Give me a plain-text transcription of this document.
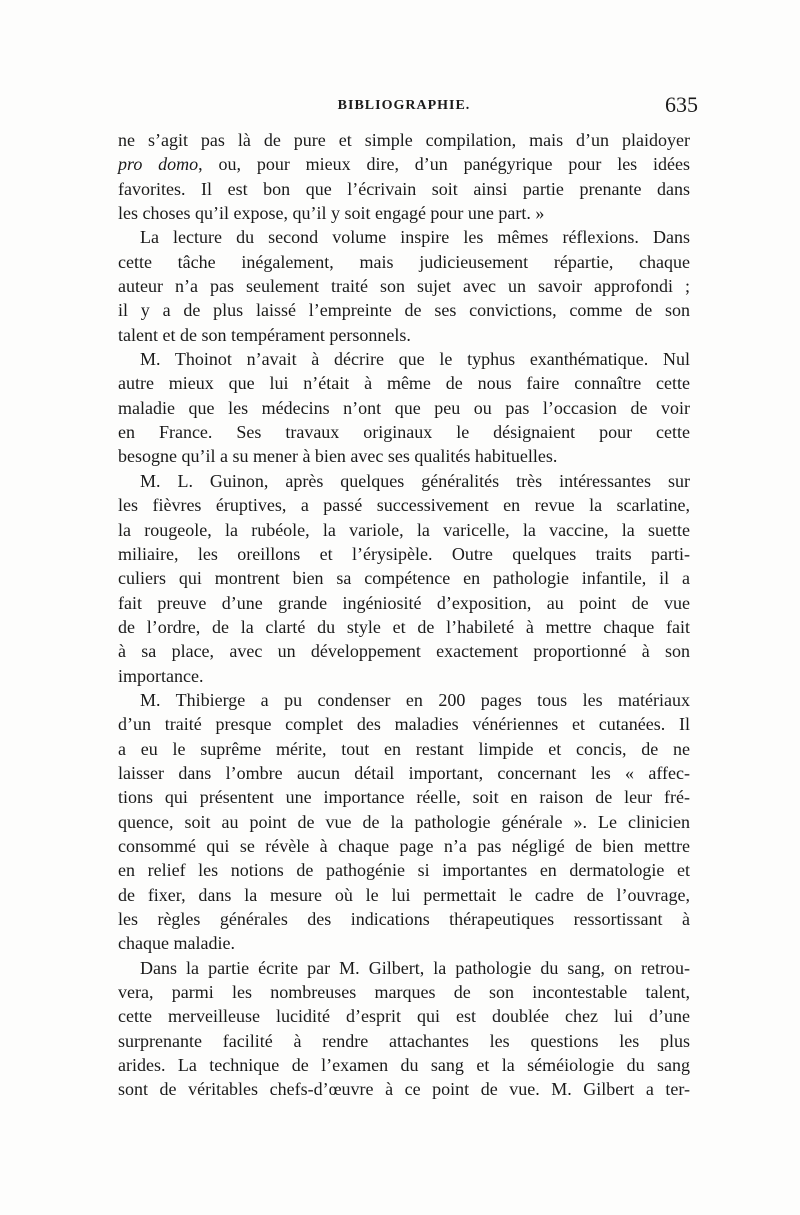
BIBLIOGRAPHIE.	635
ne s’agit pas là de pure et simple compilation, mais d’un plaidoyer
pro domo, ou, pour mieux dire, d’un panégyrique pour les idées
favorites. Il est bon que l’écrivain soit ainsi partie prenante dans
les choses qu’il expose, qu’il y soit engagé pour une part. »
La lecture du second volume inspire les mêmes réflexions. Dans
cette tâche inégalement, mais judicieusement répartie, chaque
auteur n’a pas seulement traité son sujet avec un savoir approfondi ;
il y a de plus laissé l’empreinte de ses convictions, comme de son
talent et de son tempérament personnels.
M. Thoinot n’avait à décrire que le typhus exanthématique. Nul
autre mieux que lui n’était à même de nous faire connaître cette
maladie que les médecins n’ont que peu ou pas l’occasion de voir
en France. Ses travaux originaux le désignaient pour cette
besogne qu’il a su mener à bien avec ses qualités habituelles.
M. L. Guinon, après quelques généralités très intéressantes sur
les fièvres éruptives, a passé successivement en revue la scarlatine,
la rougeole, la rubéole, la variole, la varicelle, la vaccine, la suette
miliaire, les oreillons et l’érysipèle. Outre quelques traits parti-
culiers qui montrent bien sa compétence en pathologie infantile, il a
fait preuve d’une grande ingéniosité d’exposition, au point de vue
de l’ordre, de la clarté du style et de l’habileté à mettre chaque fait
à sa place, avec un développement exactement proportionné à son
importance.
M. Thibierge a pu condenser en 200 pages tous les matériaux
d’un traité presque complet des maladies vénériennes et cutanées. Il
a eu le suprême mérite, tout en restant limpide et concis, de ne
laisser dans l’ombre aucun détail important, concernant les « affec-
tions qui présentent une importance réelle, soit en raison de leur fré-
quence, soit au point de vue de la pathologie générale ». Le clinicien
consommé qui se révèle à chaque page n’a pas négligé de bien mettre
en relief les notions de pathogénie si importantes en dermatologie et
de fixer, dans la mesure où le lui permettait le cadre de l’ouvrage,
les règles générales des indications thérapeutiques ressortissant à
chaque maladie.
Dans la partie écrite par M. Gilbert, la pathologie du sang, on retrou-
vera, parmi les nombreuses marques de son incontestable talent,
cette merveilleuse lucidité d’esprit qui est doublée chez lui d’une
surprenante facilité à rendre attachantes les questions les plus
arides. La technique de l’examen du sang et la séméiologie du sang
sont de véritables chefs-d’œuvre à ce point de vue. M. Gilbert a ter-
